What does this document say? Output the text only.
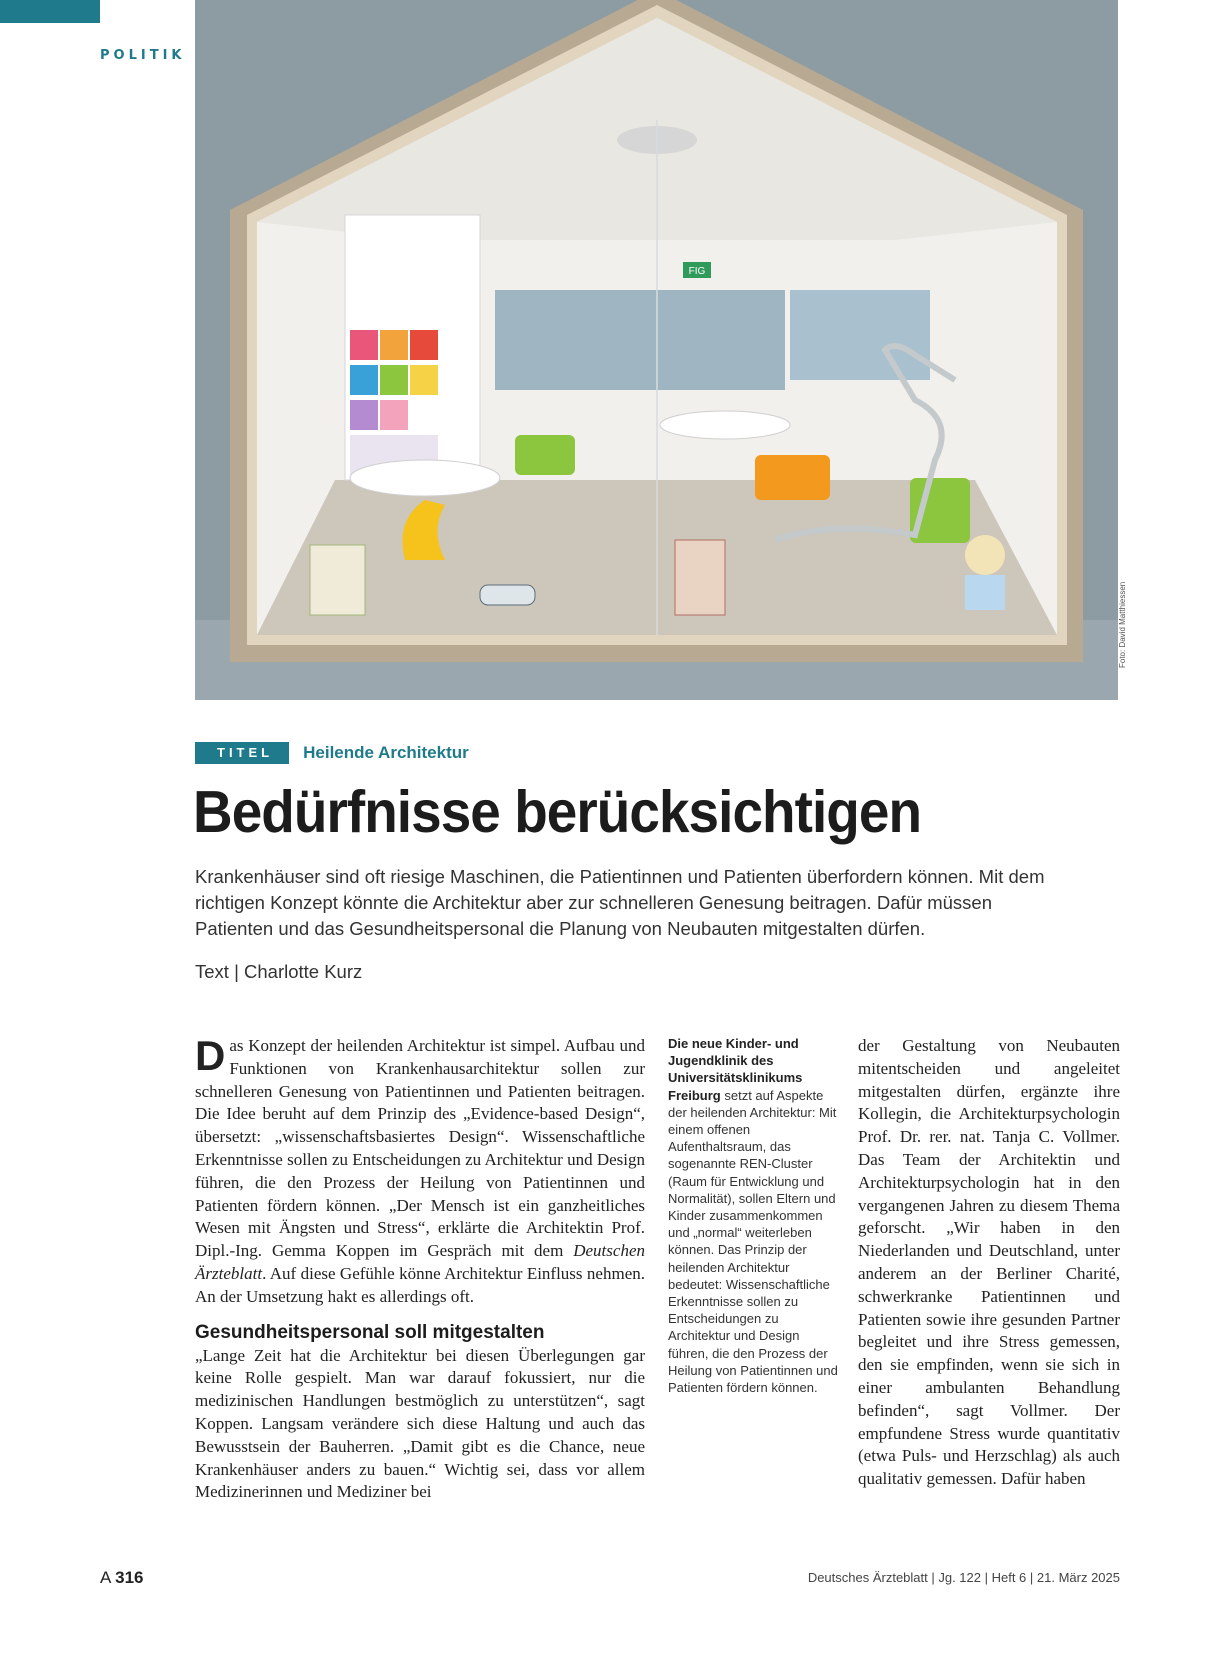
POLITIK
FIG
Foto: David Matthiessen
TITEL	Heilende Architektur
Bedürfnisse berücksichtigen

Krankenhäuser sind oft riesige Maschinen, die Patientinnen und Patienten überfordern können. Mit dem richtigen Konzept könnte die Architektur aber zur schnelleren Genesung beitragen. Dafür müssen Patienten und das Gesundheitspersonal die Planung von Neubauten mitgestalten dürfen.

Text | Charlotte Kurz

Das Konzept der heilenden Architektur ist simpel. Aufbau und Funktionen von Krankenhausarchitektur sollen zur schnelleren Genesung von Patientinnen und Patienten beitragen. Die Idee beruht auf dem Prinzip des „Evidence-based Design“, übersetzt: „wissenschaftsbasiertes Design“. Wissenschaftliche Erkenntnisse sollen zu Entscheidungen zu Architektur und Design führen, die den Prozess der Heilung von Patientinnen und Patienten fördern können. „Der Mensch ist ein ganzheitliches Wesen mit Ängsten und Stress“, erklärte die Architektin Prof. Dipl.-Ing. Gemma Koppen im Gespräch mit dem Deutschen Ärzteblatt. Auf diese Gefühle könne Architektur Einfluss nehmen. An der Umsetzung hakt es allerdings oft.

Gesundheitspersonal soll mitgestalten

„Lange Zeit hat die Architektur bei diesen Überlegungen gar keine Rolle gespielt. Man war darauf fokussiert, nur die medizinischen Handlungen bestmöglich zu unterstützen“, sagt Koppen. Langsam verändere sich diese Haltung und auch das Bewusstsein der Bauherren. „Damit gibt es die Chance, neue Krankenhäuser anders zu bauen.“ Wichtig sei, dass vor allem Medizinerinnen und Mediziner bei

Die neue Kinder- und Jugendklinik des Universitätsklinikums Freiburg setzt auf Aspekte der heilenden Architektur: Mit einem offenen Aufenthaltsraum, das sogenannte REN-Cluster (Raum für Entwicklung und Normalität), sollen Eltern und Kinder zusammenkommen und „normal“ weiterleben können. Das Prinzip der heilenden Architektur bedeutet: Wissenschaftliche Erkenntnisse sollen zu Entscheidungen zu Architektur und Design führen, die den Prozess der Heilung von Patientinnen und Patienten fördern können.

der Gestaltung von Neubauten mitentscheiden und angeleitet mitgestalten dürfen, ergänzte ihre Kollegin, die Architekturpsychologin Prof. Dr. rer. nat. Tanja C. Vollmer. Das Team der Architektin und Architekturpsychologin hat in den vergangenen Jahren zu diesem Thema geforscht. „Wir haben in den Niederlanden und Deutschland, unter anderem an der Berliner Charité, schwerkranke Patientinnen und Patienten sowie ihre gesunden Partner begleitet und ihre Stress gemessen, den sie empfinden, wenn sie sich in einer ambulanten Behandlung befinden“, sagt Vollmer. Der empfundene Stress wurde quantitativ (etwa Puls- und Herzschlag) als auch qualitativ gemessen. Dafür haben

A 316	Deutsches Ärzteblatt | Jg. 122 | Heft 6 | 21. März 2025
